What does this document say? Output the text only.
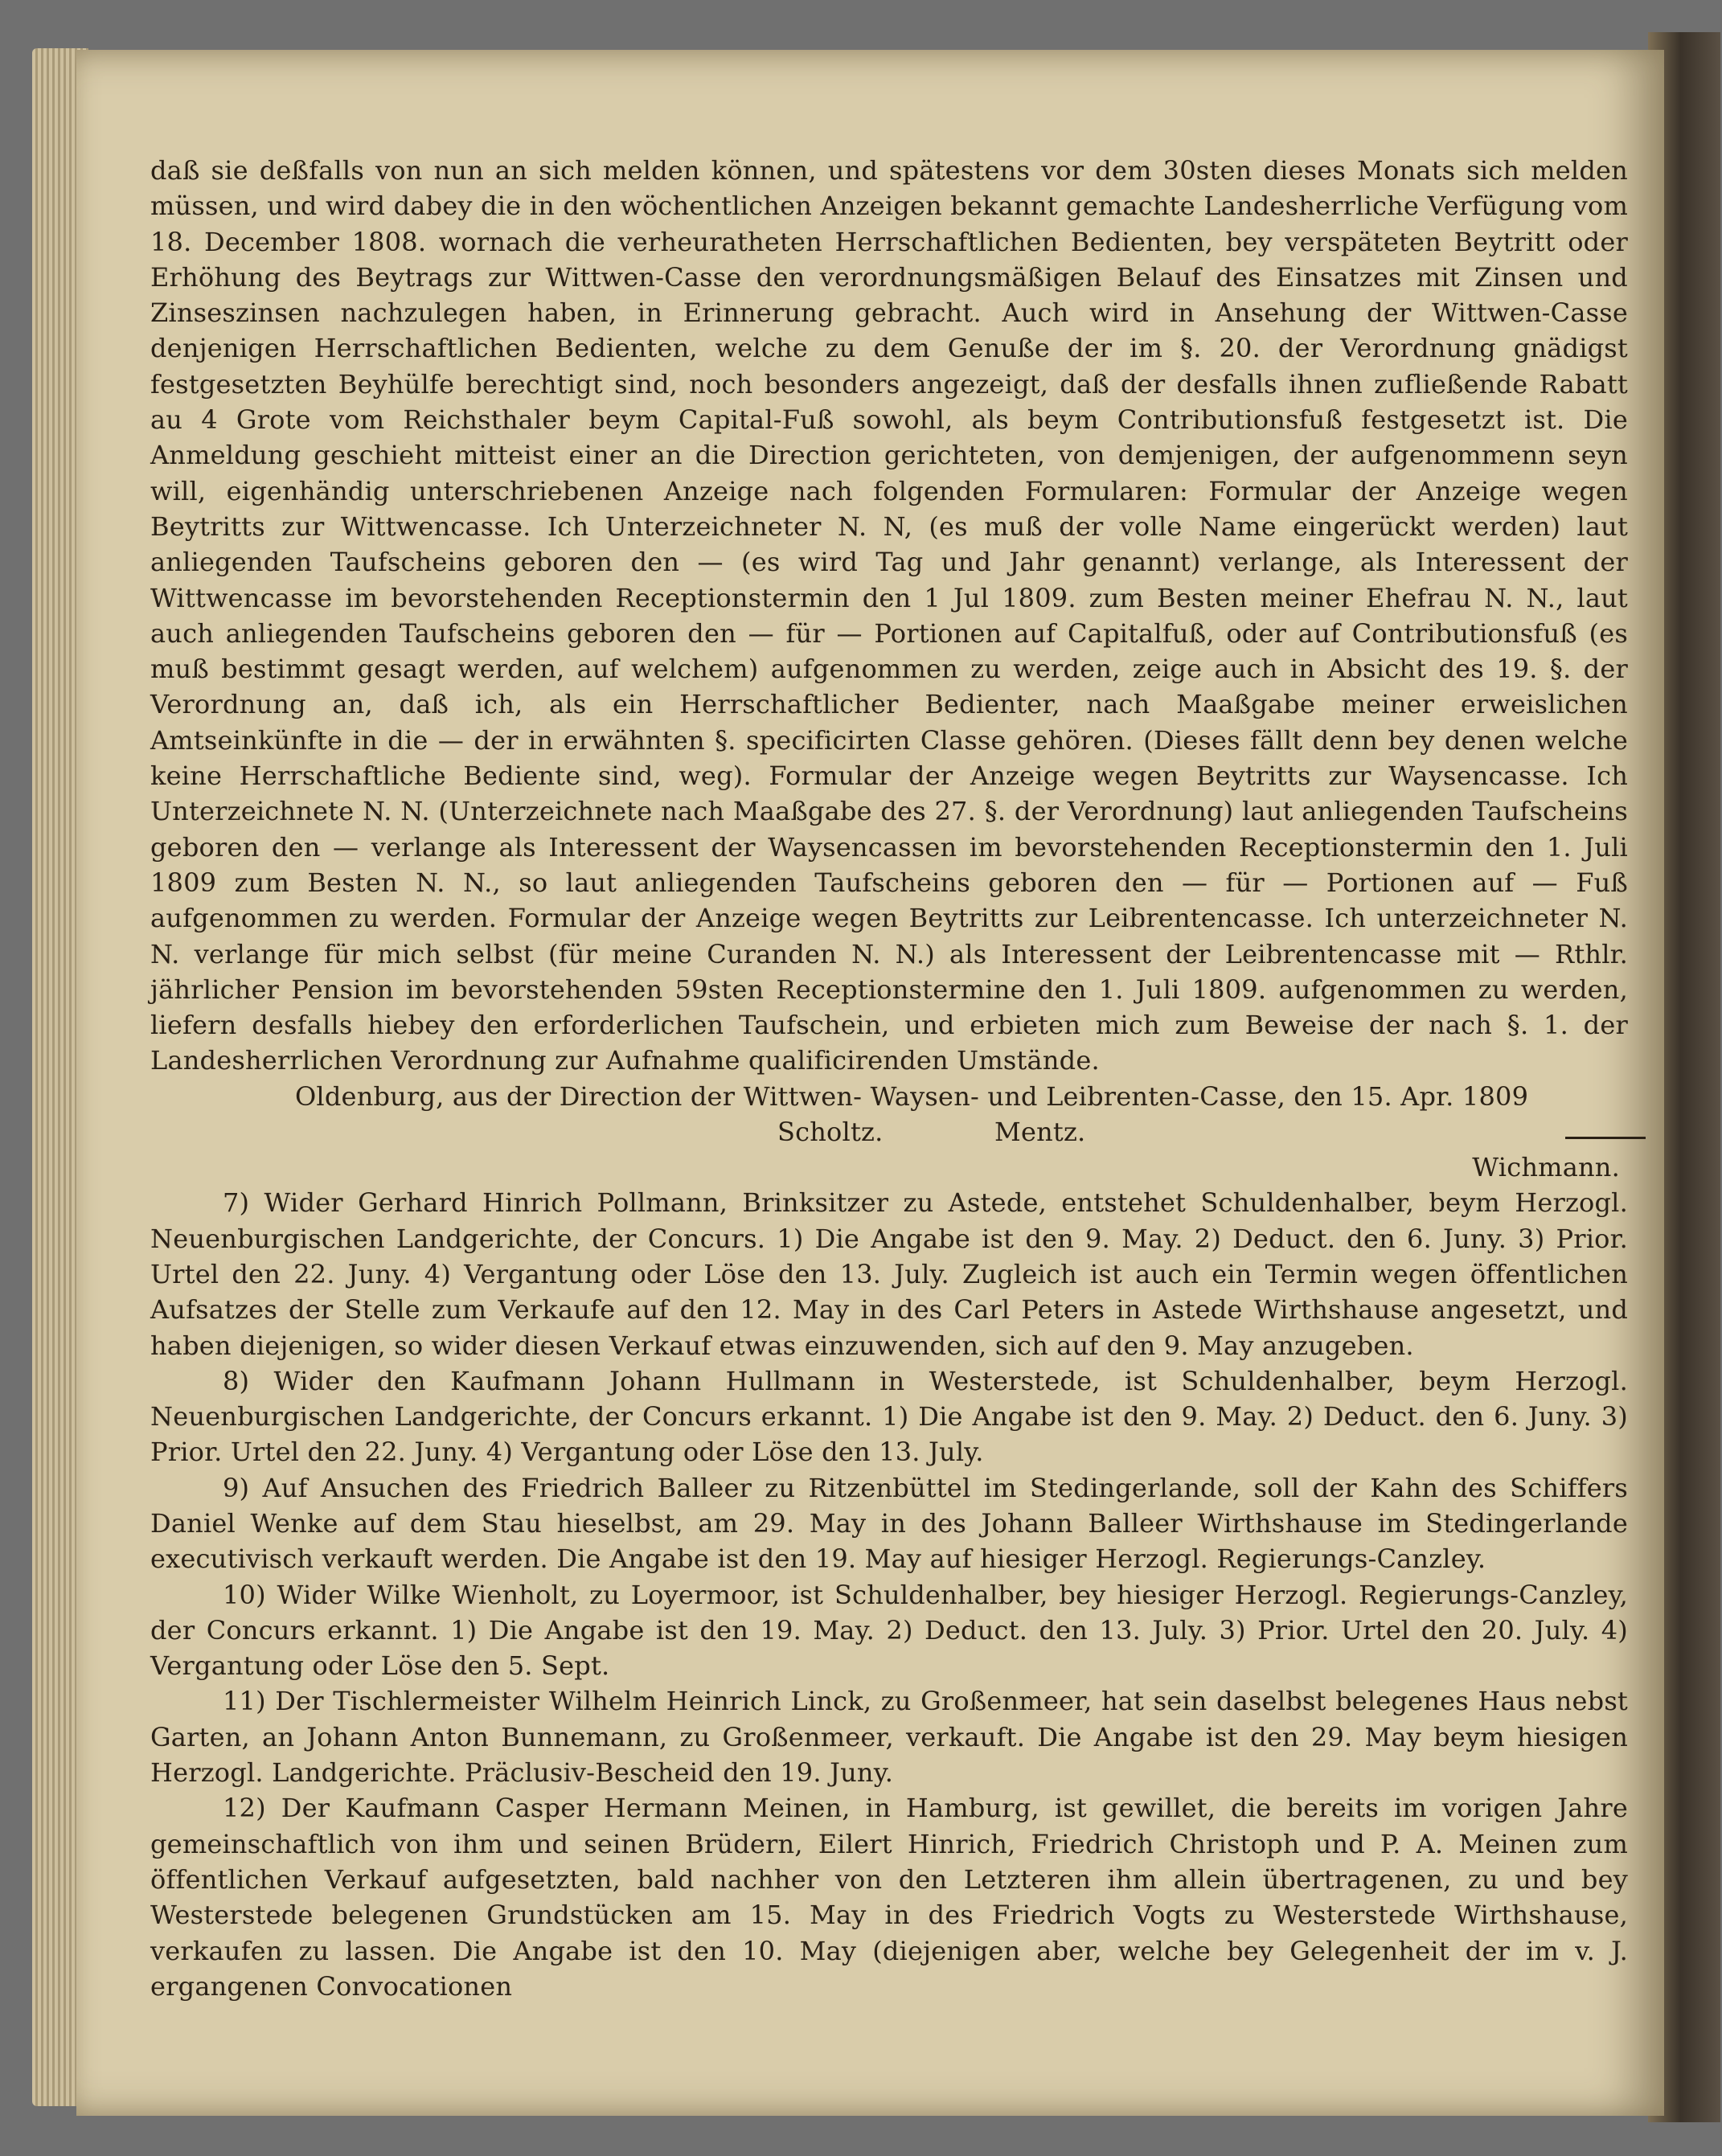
daß sie deßfalls von nun an sich melden können, und spätestens vor dem 30sten dieses Monats sich melden müssen, und wird dabey die in den wöchentlichen Anzeigen bekannt gemachte Landesherrliche Verfügung vom 18. December 1808. wornach die verheuratheten Herrschaftlichen Bedienten, bey verspäteten Beytritt oder Erhöhung des Beytrags zur Wittwen-Casse den verordnungsmäßigen Belauf des Einsatzes mit Zinsen und Zinseszinsen nachzulegen haben, in Erinnerung gebracht. Auch wird in Ansehung der Wittwen-Casse denjenigen Herrschaftlichen Bedienten, welche zu dem Genuße der im §. 20. der Verordnung gnädigst festgesetzten Beyhülfe berechtigt sind, noch besonders angezeigt, daß der desfalls ihnen zufließende Rabatt au 4 Grote vom Reichsthaler beym Capital-Fuß sowohl, als beym Contributionsfuß festgesetzt ist. Die Anmeldung geschieht mitteist einer an die Direction gerichteten, von demjenigen, der aufgenommenn seyn will, eigenhändig unterschriebenen Anzeige nach folgenden Formularen: Formular der Anzeige wegen Beytritts zur Wittwencasse. Ich Unterzeichneter N. N, (es muß der volle Name eingerückt werden) laut anliegenden Taufscheins geboren den — (es wird Tag und Jahr genannt) verlange, als Interessent der Wittwencasse im bevorstehenden Receptionstermin den 1 Jul 1809. zum Besten meiner Ehefrau N. N., laut auch anliegenden Taufscheins geboren den — für — Portionen auf Capitalfuß, oder auf Contributionsfuß (es muß bestimmt gesagt werden, auf welchem) aufgenommen zu werden, zeige auch in Absicht des 19. §. der Verordnung an, daß ich, als ein Herrschaftlicher Bedienter, nach Maaßgabe meiner erweislichen Amtseinkünfte in die — der in erwähnten §. specificirten Classe gehören. (Dieses fällt denn bey denen welche keine Herrschaftliche Bediente sind, weg). Formular der Anzeige wegen Beytritts zur Waysencasse. Ich Unterzeichnete N. N. (Unterzeichnete nach Maaßgabe des 27. §. der Verordnung) laut anliegenden Taufscheins geboren den — verlange als Interessent der Waysencassen im bevorstehenden Receptionstermin den 1. Juli 1809 zum Besten N. N., so laut anliegenden Taufscheins geboren den — für — Portionen auf — Fuß aufgenommen zu werden. Formular der Anzeige wegen Beytritts zur Leibrentencasse. Ich unterzeichneter N. N. verlange für mich selbst (für meine Curanden N. N.) als Interessent der Leibrentencasse mit — Rthlr. jährlicher Pension im bevorstehenden 59sten Receptionstermine den 1. Juli 1809. aufgenommen zu werden, liefern desfalls hiebey den erforderlichen Taufschein, und erbieten mich zum Beweise der nach §. 1. der Landesherrlichen Verordnung zur Aufnahme qualificirenden Umstände.

Oldenburg, aus der Direction der Wittwen- Waysen- und Leibrenten-Casse, den 15. Apr. 1809
Scholtz.	Mentz.
Wichmann.

7) Wider Gerhard Hinrich Pollmann, Brinksitzer zu Astede, entstehet Schuldenhalber, beym Herzogl. Neuenburgischen Landgerichte, der Concurs. 1) Die Angabe ist den 9. May. 2) Deduct. den 6. Juny. 3) Prior. Urtel den 22. Juny. 4) Vergantung oder Löse den 13. July. Zugleich ist auch ein Termin wegen öffentlichen Aufsatzes der Stelle zum Verkaufe auf den 12. May in des Carl Peters in Astede Wirthshause angesetzt, und haben diejenigen, so wider diesen Verkauf etwas einzuwenden, sich auf den 9. May anzugeben.

8) Wider den Kaufmann Johann Hullmann in Westerstede, ist Schuldenhalber, beym Herzogl. Neuenburgischen Landgerichte, der Concurs erkannt. 1) Die Angabe ist den 9. May. 2) Deduct. den 6. Juny. 3) Prior. Urtel den 22. Juny. 4) Vergantung oder Löse den 13. July.

9) Auf Ansuchen des Friedrich Balleer zu Ritzenbüttel im Stedingerlande, soll der Kahn des Schiffers Daniel Wenke auf dem Stau hieselbst, am 29. May in des Johann Balleer Wirthshause im Stedingerlande executivisch verkauft werden. Die Angabe ist den 19. May auf hiesiger Herzogl. Regierungs-Canzley.

10) Wider Wilke Wienholt, zu Loyermoor, ist Schuldenhalber, bey hiesiger Herzogl. Regierungs-Canzley, der Concurs erkannt. 1) Die Angabe ist den 19. May. 2) Deduct. den 13. July. 3) Prior. Urtel den 20. July. 4) Vergantung oder Löse den 5. Sept.

11) Der Tischlermeister Wilhelm Heinrich Linck, zu Großenmeer, hat sein daselbst belegenes Haus nebst Garten, an Johann Anton Bunnemann, zu Großenmeer, verkauft. Die Angabe ist den 29. May beym hiesigen Herzogl. Landgerichte. Präclusiv-Bescheid den 19. Juny.

12) Der Kaufmann Casper Hermann Meinen, in Hamburg, ist gewillet, die bereits im vorigen Jahre gemeinschaftlich von ihm und seinen Brüdern, Eilert Hinrich, Friedrich Christoph und P. A. Meinen zum öffentlichen Verkauf aufgesetzten, bald nachher von den Letzteren ihm allein übertragenen, zu und bey Westerstede belegenen Grundstücken am 15. May in des Friedrich Vogts zu Westerstede Wirthshause, verkaufen zu lassen. Die Angabe ist den 10. May (diejenigen aber, welche bey Gelegenheit der im v. J. ergangenen Convocationen
